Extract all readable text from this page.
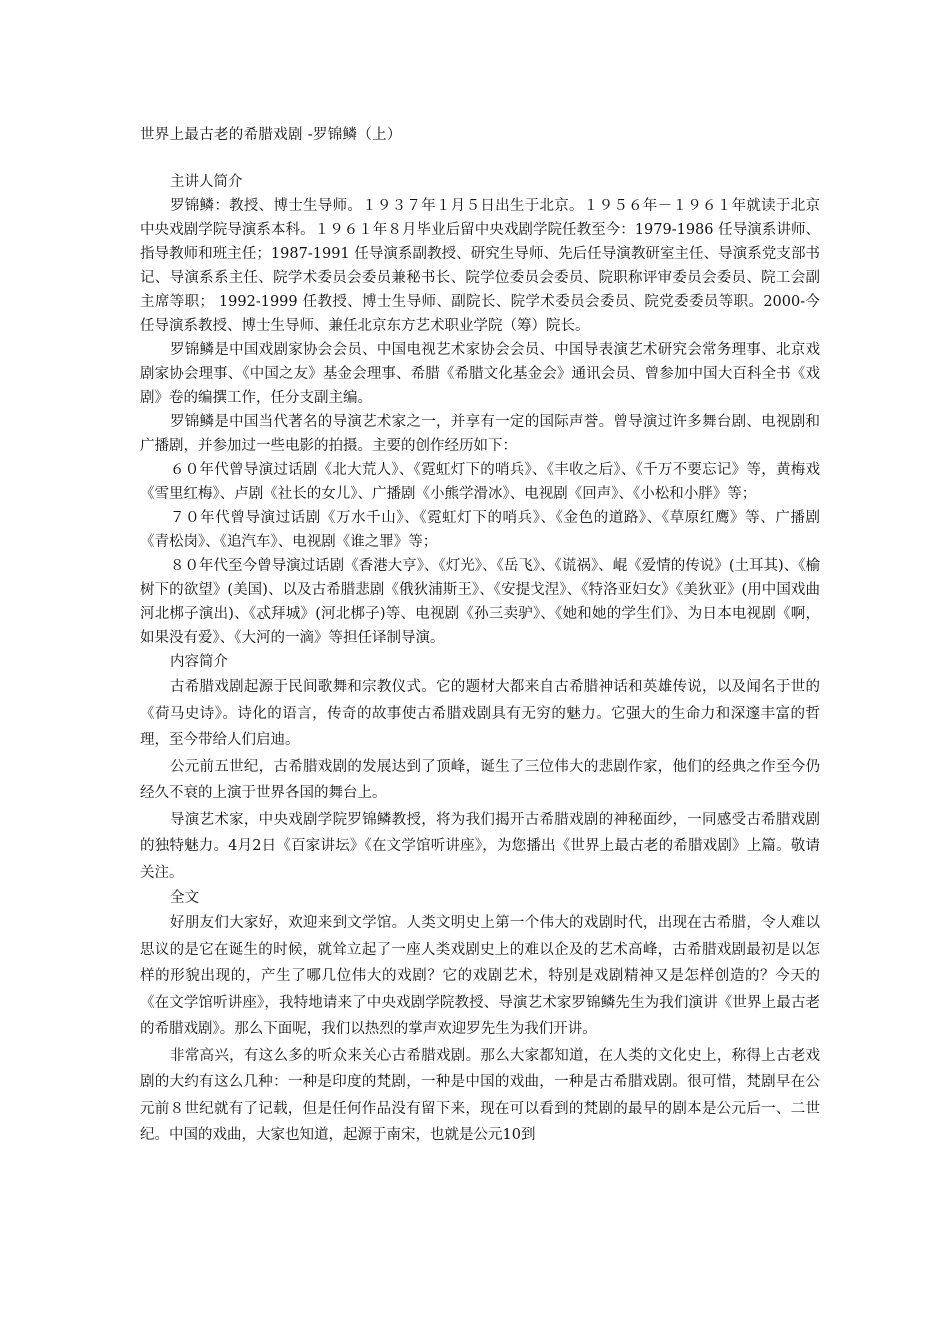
世界上最古老的希腊戏剧 -罗锦鳞（上）
主讲人简介

罗锦鳞：教授、博士生导师。１９３７年１月５日出生于北京。１９５６年－１９６１年就读于北京中央戏剧学院导演系本科。１９６１年８月毕业后留中央戏剧学院任教至今：1979-1986 任导演系讲师、指导教师和班主任；1987-1991 任导演系副教授、研究生导师、先后任导演教研室主任、导演系党支部书记、导演系系主任、院学术委员会委员兼秘书长、院学位委员会委员、院职称评审委员会委员、院工会副主席等职； 1992-1999 任教授、博士生导师、副院长、院学术委员会委员、院党委委员等职。2000-今　任导演系教授、博士生导师、兼任北京东方艺术职业学院（筹）院长。

罗锦鳞是中国戏剧家协会会员、中国电视艺术家协会会员、中国导表演艺术研究会常务理事、北京戏剧家协会理事、《中国之友》基金会理事、希腊《希腊文化基金会》通讯会员、曾参加中国大百科全书《戏剧》卷的编撰工作，任分支副主编。

罗锦鳞是中国当代著名的导演艺术家之一，并享有一定的国际声誉。曾导演过许多舞台剧、电视剧和广播剧，并参加过一些电影的拍摄。主要的创作经历如下：

６０年代曾导演过话剧《北大荒人》、《霓虹灯下的哨兵》、《丰收之后》、《千万不要忘记》等，黄梅戏《雪里红梅》、卢剧《社长的女儿》、广播剧《小熊学滑冰》、电视剧《回声》、《小松和小胖》等；

７０年代曾导演过话剧《万水千山》、《霓虹灯下的哨兵》、《金色的道路》、《草原红鹰》等、广播剧《青松岗》、《追汽车》、电视剧《谁之罪》等；

８０年代至今曾导演过话剧《香港大亨》、《灯光》、《岳飞》、《谎祸》、崐《爱情的传说》(土耳其)、《榆树下的欲望》(美国)、以及古希腊悲剧《俄狄浦斯王》、《安提戈涅》、《特洛亚妇女》《美狄亚》(用中国戏曲河北梆子演出)、《忒拜城》(河北梆子)等、电视剧《孙三卖驴》、《她和她的学生们》、为日本电视剧《啊，如果没有爱》、《大河的一滴》等担任译制导演。

内容简介

古希腊戏剧起源于民间歌舞和宗教仪式。它的题材大都来自古希腊神话和英雄传说，以及闻名于世的《荷马史诗》。诗化的语言，传奇的故事使古希腊戏剧具有无穷的魅力。它强大的生命力和深邃丰富的哲理，至今带给人们启迪。

公元前五世纪，古希腊戏剧的发展达到了顶峰，诞生了三位伟大的悲剧作家，他们的经典之作至今仍经久不衰的上演于世界各国的舞台上。

导演艺术家，中央戏剧学院罗锦鳞教授，将为我们揭开古希腊戏剧的神秘面纱，一同感受古希腊戏剧的独特魅力。4月2日《百家讲坛》《在文学馆听讲座》，为您播出《世界上最古老的希腊戏剧》上篇。敬请关注。

全文

好朋友们大家好，欢迎来到文学馆。人类文明史上第一个伟大的戏剧时代，出现在古希腊，令人难以思议的是它在诞生的时候，就耸立起了一座人类戏剧史上的难以企及的艺术高峰，古希腊戏剧最初是以怎样的形貌出现的，产生了哪几位伟大的戏剧？它的戏剧艺术，特别是戏剧精神又是怎样创造的？今天的《在文学馆听讲座》，我特地请来了中央戏剧学院教授、导演艺术家罗锦鳞先生为我们演讲《世界上最古老的希腊戏剧》。那么下面呢，我们以热烈的掌声欢迎罗先生为我们开讲。

非常高兴，有这么多的听众来关心古希腊戏剧。那么大家都知道，在人类的文化史上，称得上古老戏剧的大约有这么几种：一种是印度的梵剧，一种是中国的戏曲，一种是古希腊戏剧。很可惜，梵剧早在公元前８世纪就有了记载，但是任何作品没有留下来，现在可以看到的梵剧的最早的剧本是公元后一、二世纪。中国的戏曲，大家也知道，起源于南宋，也就是公元10到
